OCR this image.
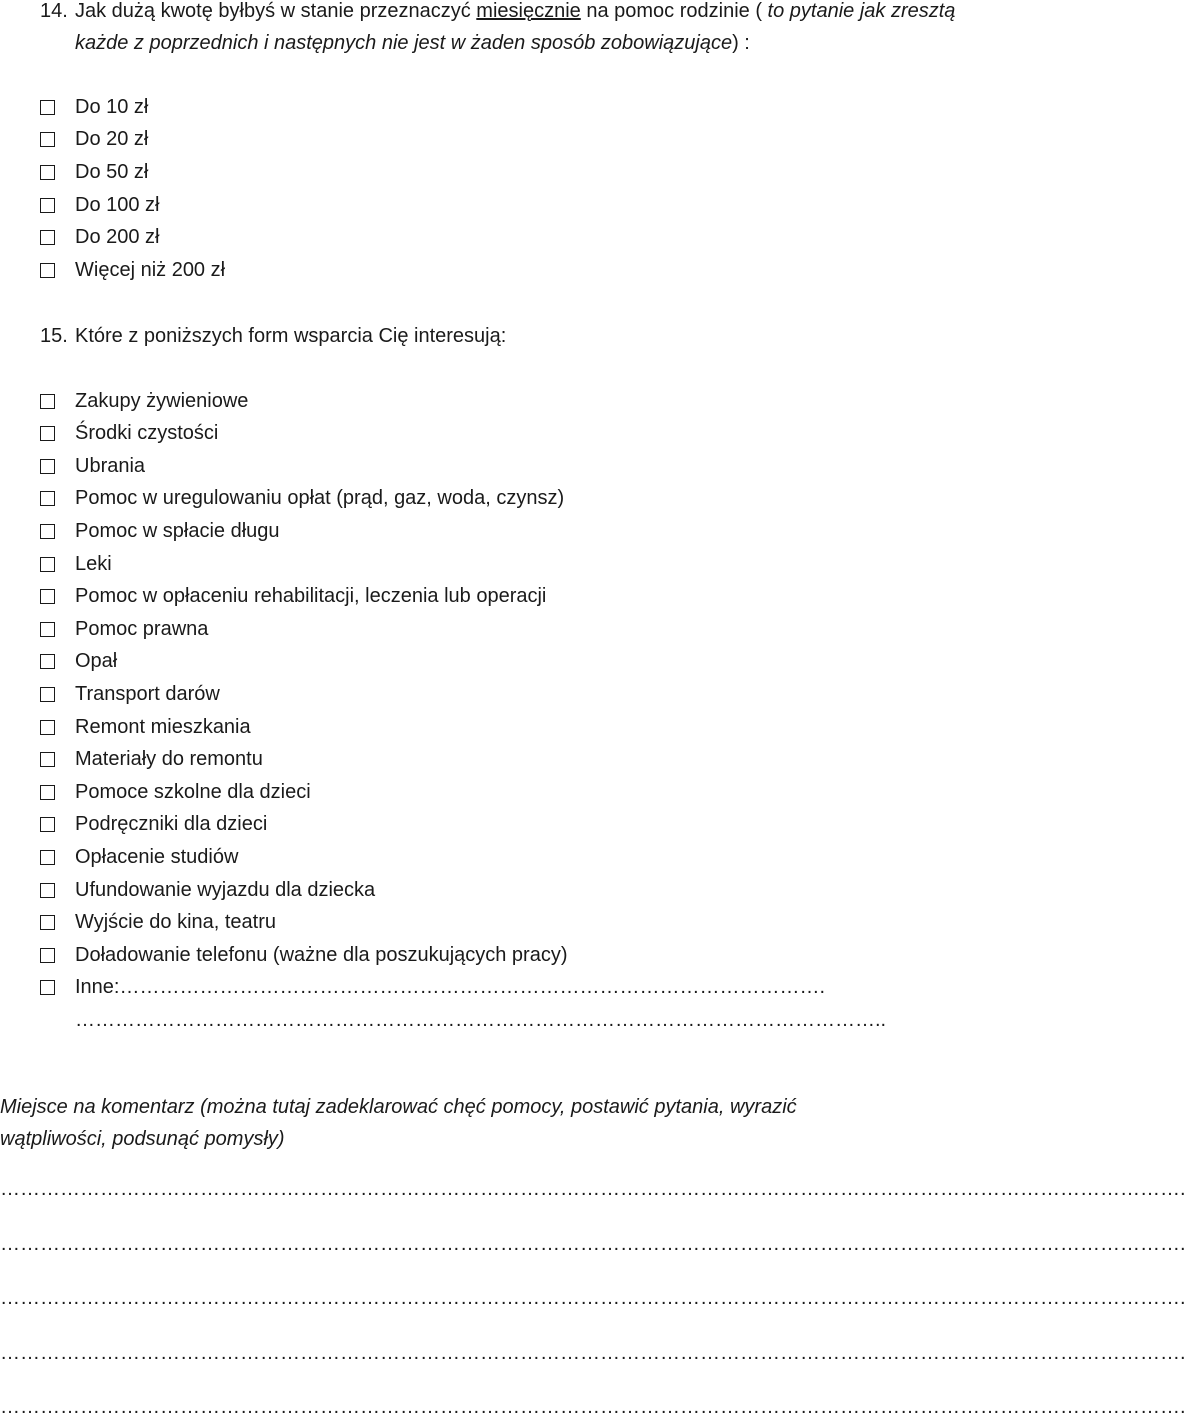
14. Jak dużą kwotę byłbyś w stanie przeznaczyć miesięcznie na pomoc rodzinie ( to pytanie jak zresztą każde z poprzednich i następnych nie jest w żaden sposób zobowiązujące) :
Do 10 zł
Do 20 zł
Do 50 zł
Do 100 zł
Do 200 zł
Więcej niż 200 zł
15. Które z poniższych form wsparcia Cię interesują:
Zakupy żywieniowe
Środki czystości
Ubrania
Pomoc w uregulowaniu opłat (prąd, gaz, woda, czynsz)
Pomoc w spłacie długu
Leki
Pomoc w opłaceniu rehabilitacji, leczenia lub operacji
Pomoc prawna
Opał
Transport darów
Remont mieszkania
Materiały do remontu
Pomoce szkolne dla dzieci
Podręczniki dla dzieci
Opłacenie studiów
Ufundowanie wyjazdu dla dziecka
Wyjście do kina, teatru
Doładowanie telefonu (ważne dla poszukujących pracy)
Inne: …………………………………………………………………………………………….
…………………………………………………………………………………………………………..
Miejsce na komentarz (można tutaj zadeklarować chęć pomocy, postawić pytania, wyrazić
wątpliwości, podsunąć pomysły)
…………………………………………………………………………………………………………………………………………………………….
…………………………………………………………………………………………………………………………………………………………….
…………………………………………………………………………………………………………………………………………………………….
…………………………………………………………………………………………………………………………………………………………….
…………………………………………………………………………………………………………………………………………………………….
